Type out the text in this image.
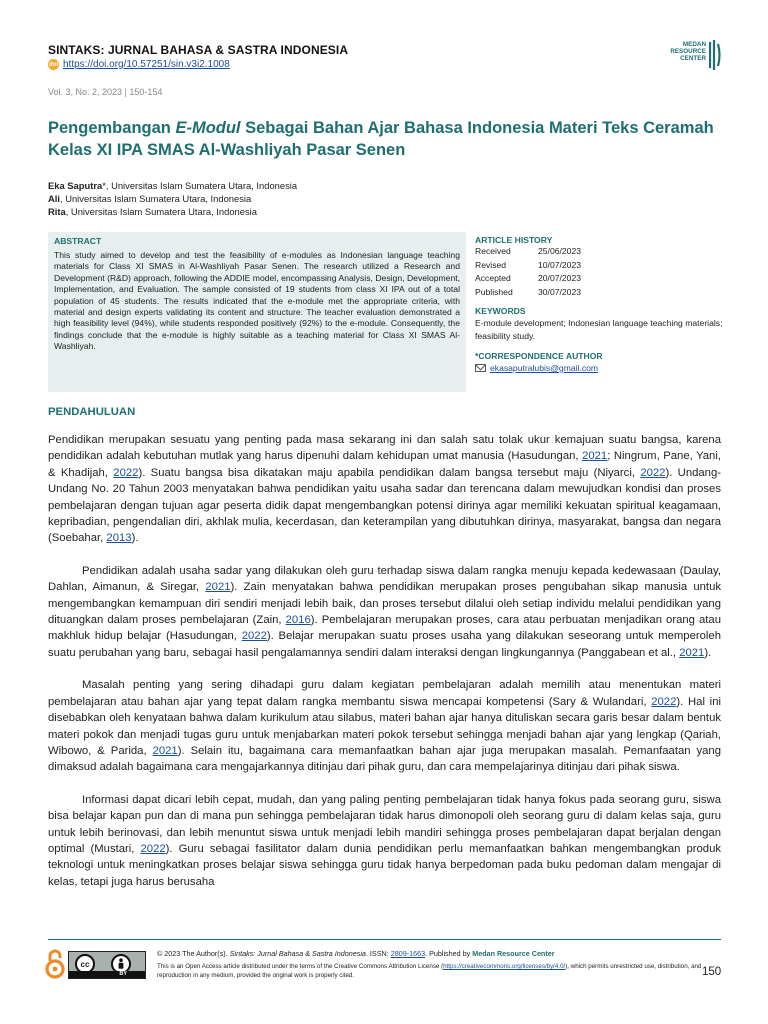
SINTAKS: JURNAL BAHASA & SASTRA INDONESIA
doi https://doi.org/10.57251/sin.v3i2.1008
MEDAN
RESOURCE
CENTER
Vol. 3, No. 2, 2023 | 150-154
Pengembangan E-Modul Sebagai Bahan Ajar Bahasa Indonesia Materi Teks Ceramah Kelas XI IPA SMAS Al-Washliyah Pasar Senen
Eka Saputra*, Universitas Islam Sumatera Utara, Indonesia
Ali, Universitas Islam Sumatera Utara, Indonesia
Rita, Universitas Islam Sumatera Utara, Indonesia
ABSTRACT
This study aimed to develop and test the feasibility of e-modules as Indonesian language teaching materials for Class XI SMAS in Al-Washliyah Pasar Senen. The research utilized a Research and Development (R&D) approach, following the ADDIE model, encompassing Analysis, Design, Development, Implementation, and Evaluation. The sample consisted of 19 students from class XI IPA out of a total population of 45 students. The results indicated that the e-module met the appropriate criteria, with material and design experts validating its content and structure. The teacher evaluation demonstrated a high feasibility level (94%), while students responded positively (92%) to the e-module. Consequently, the findings conclude that the e-module is highly suitable as a teaching material for Class XI SMAS Al-Washliyah.
ARTICLE HISTORY
Received	25/06/2023
Revised	10/07/2023
Accepted	20/07/2023
Published	30/07/2023
KEYWORDS
E-module development; Indonesian language teaching materials; feasibility study.
*CORRESPONDENCE AUTHOR
ekasaputralubis@gmail.com
PENDAHULUAN

Pendidikan merupakan sesuatu yang penting pada masa sekarang ini dan salah satu tolak ukur kemajuan suatu bangsa, karena pendidikan adalah kebutuhan mutlak yang harus dipenuhi dalam kehidupan umat manusia (Hasudungan, 2021; Ningrum, Pane, Yani, & Khadijah, 2022). Suatu bangsa bisa dikatakan maju apabila pendidikan dalam bangsa tersebut maju (Niyarci, 2022). Undang-Undang No. 20 Tahun 2003 menyatakan bahwa pendidikan yaitu usaha sadar dan terencana dalam mewujudkan kondisi dan proses pembelajaran dengan tujuan agar peserta didik dapat mengembangkan potensi dirinya agar memiliki kekuatan spiritual keagamaan, kepribadian, pengendalian diri, akhlak mulia, kecerdasan, dan keterampilan yang dibutuhkan dirinya, masyarakat, bangsa dan negara (Soebahar, 2013).

Pendidikan adalah usaha sadar yang dilakukan oleh guru terhadap siswa dalam rangka menuju kepada kedewasaan (Daulay, Dahlan, Aimanun, & Siregar, 2021). Zain menyatakan bahwa pendidikan merupakan proses pengubahan sikap manusia untuk mengembangkan kemampuan diri sendiri menjadi lebih baik, dan proses tersebut dilalui oleh setiap individu melalui pendidikan yang dituangkan dalam proses pembelajaran (Zain, 2016). Pembelajaran merupakan proses, cara atau perbuatan menjadikan orang atau makhluk hidup belajar (Hasudungan, 2022). Belajar merupakan suatu proses usaha yang dilakukan seseorang untuk memperoleh suatu perubahan yang baru, sebagai hasil pengalamannya sendiri dalam interaksi dengan lingkungannya (Panggabean et al., 2021).

Masalah penting yang sering dihadapi guru dalam kegiatan pembelajaran adalah memilih atau menentukan materi pembelajaran atau bahan ajar yang tepat dalam rangka membantu siswa mencapai kompetensi (Sary & Wulandari, 2022). Hal ini disebabkan oleh kenyataan bahwa dalam kurikulum atau silabus, materi bahan ajar hanya dituliskan secara garis besar dalam bentuk materi pokok dan menjadi tugas guru untuk menjabarkan materi pokok tersebut sehingga menjadi bahan ajar yang lengkap (Qariah, Wibowo, & Parida, 2021). Selain itu, bagaimana cara memanfaatkan bahan ajar juga merupakan masalah. Pemanfaatan yang dimaksud adalah bagaimana cara mengajarkannya ditinjau dari pihak guru, dan cara mempelajarinya ditinjau dari pihak siswa.

Informasi dapat dicari lebih cepat, mudah, dan yang paling penting pembelajaran tidak hanya fokus pada seorang guru, siswa bisa belajar kapan pun dan di mana pun sehingga pembelajaran tidak harus dimonopoli oleh seorang guru di dalam kelas saja, guru untuk lebih berinovasi, dan lebih menuntut siswa untuk menjadi lebih mandiri sehingga proses pembelajaran dapat berjalan dengan optimal (Mustari, 2022). Guru sebagai fasilitator dalam dunia pendidikan perlu memanfaatkan bahkan mengembangkan produk teknologi untuk meningkatkan proses belajar siswa sehingga guru tidak hanya berpedoman pada buku pedoman dalam mengajar di kelas, tetapi juga harus berusaha

cc
BY
© 2023 The Author(s). Sintaks: Jurnal Bahasa & Sastra Indonesia. ISSN: 2809-1663. Published by Medan Resource Center
This is an Open Access article distributed under the terms of the Creative Commons Attribution License (https://creativecommons.org/licenses/by/4.0/), which permits unrestricted use, distribution, and reproduction in any medium, provided the original work is properly cited.	150
